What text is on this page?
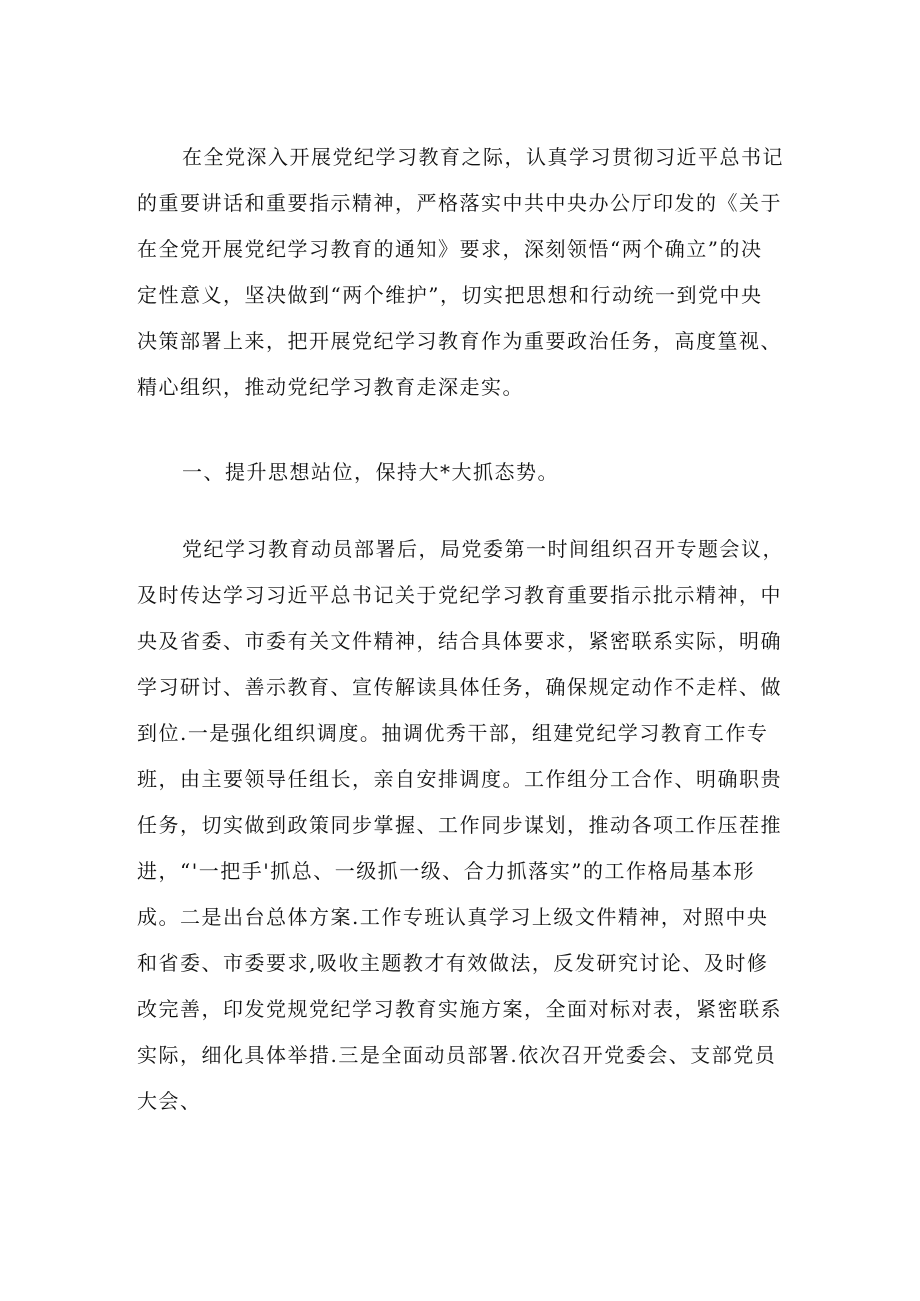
在全党深入开展党纪学习教育之际，认真学习贯彻习近平总书记
的重要讲话和重要指示精神，严格落实中共中央办公厅印发的《关于
在全党开展党纪学习教育的通知》要求，深刻领悟“两个确立”的决
定性意义，坚决做到“两个维护”，切实把思想和行动统一到党中央
决策部署上来，把开展党纪学习教育作为重要政治任务，高度篁视、
精心组织，推动党纪学习教育走深走实。
一、提升思想站位，保持大*大抓态势。
党纪学习教育动员部署后，局党委第一时间组织召开专题会议，
及时传达学习习近平总书记关于党纪学习教育重要指示批示精神，中
央及省委、市委有关文件精神，结合具体要求，紧密联系实际，明确
学习研讨、善示教育、宣传解读具体任务，确保规定动作不走样、做
到位.一是强化组织调度。抽调优秀干部，组建党纪学习教育工作专
班，由主要领导任组长，亲自安排调度。工作组分工合作、明确职贵
任务，切实做到政策同步掌握、工作同步谋划，推动各项工作压茬推
进，“'一把手'抓总、一级抓一级、合力抓落实”的工作格局基本形
成。二是出台总体方案.工作专班认真学习上级文件精神，对照中央
和省委、市委要求,吸收主题教才有效做法，反发研究讨论、及时修
改完善，印发党规党纪学习教育实施方案，全面对标对表，紧密联系
实际，细化具体举措.三是全面动员部署.依次召开党委会、支部党员
大会、
